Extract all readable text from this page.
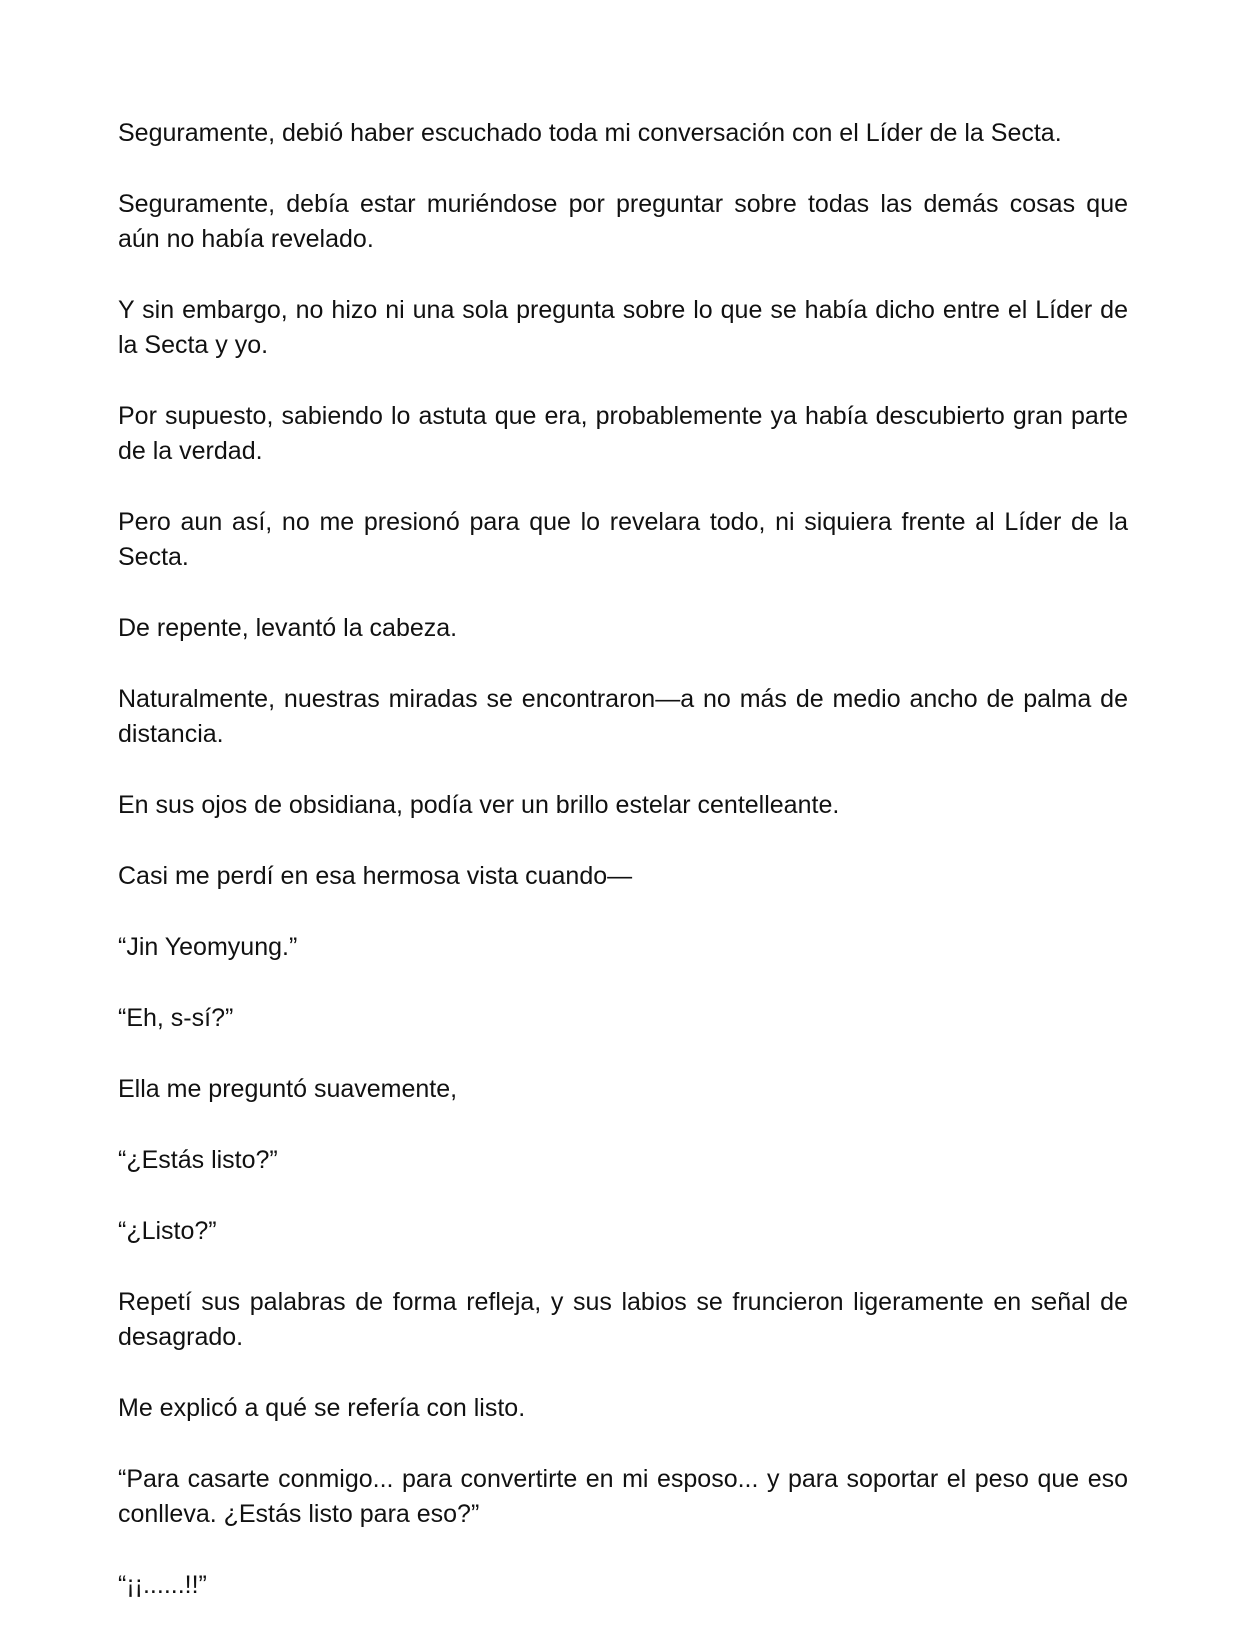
Seguramente, debió haber escuchado toda mi conversación con el Líder de la Secta.

Seguramente, debía estar muriéndose por preguntar sobre todas las demás cosas que aún no había revelado.

Y sin embargo, no hizo ni una sola pregunta sobre lo que se había dicho entre el Líder de la Secta y yo.

Por supuesto, sabiendo lo astuta que era, probablemente ya había descubierto gran parte de la verdad.

Pero aun así, no me presionó para que lo revelara todo, ni siquiera frente al Líder de la Secta.

De repente, levantó la cabeza.

Naturalmente, nuestras miradas se encontraron—a no más de medio ancho de palma de distancia.

En sus ojos de obsidiana, podía ver un brillo estelar centelleante.

Casi me perdí en esa hermosa vista cuando—

“Jin Yeomyung.”

“Eh, s-sí?”

Ella me preguntó suavemente,

“¿Estás listo?”

“¿Listo?”

Repetí sus palabras de forma refleja, y sus labios se fruncieron ligeramente en señal de desagrado.

Me explicó a qué se refería con listo.

“Para casarte conmigo... para convertirte en mi esposo... y para soportar el peso que eso conlleva. ¿Estás listo para eso?”

“¡¡......!!”
